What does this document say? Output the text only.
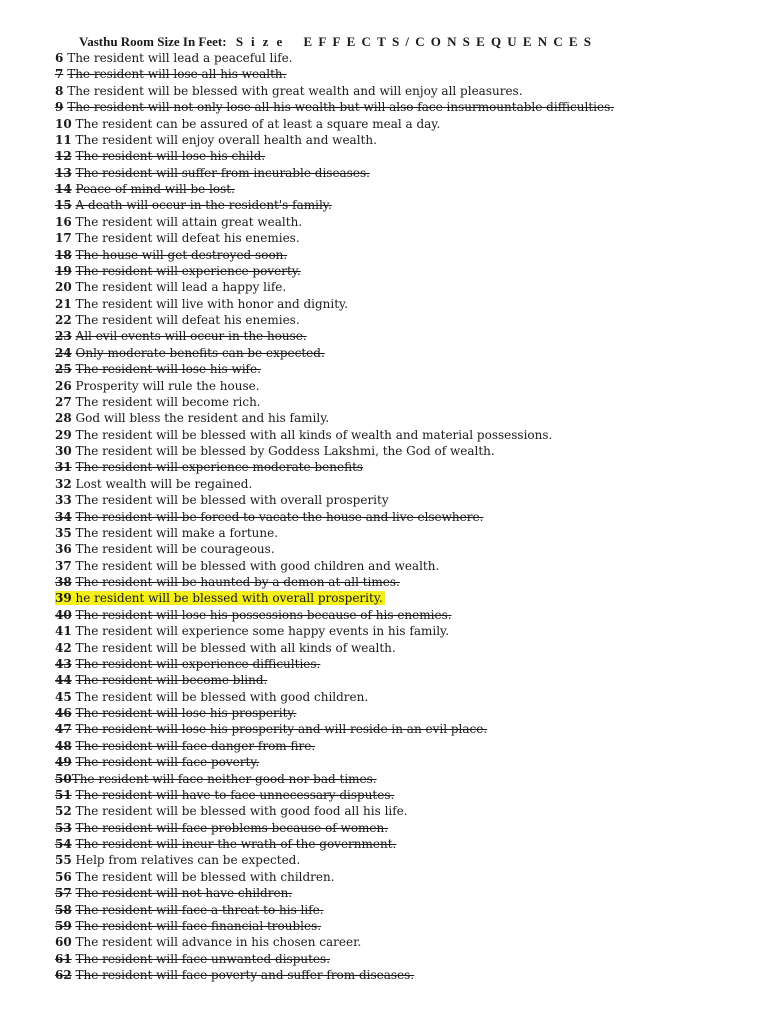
Vasthu Room Size In Feet: Size EFFECTS/CONSEQUENCES
6 The resident will lead a peaceful life.
7 The resident will lose all his wealth.
8 The resident will be blessed with great wealth and will enjoy all pleasures.
9 The resident will not only lose all his wealth but will also face insurmountable difficulties.
10 The resident can be assured of at least a square meal a day.
11 The resident will enjoy overall health and wealth.
12 The resident will lose his child.
13 The resident will suffer from incurable diseases.
14 Peace of mind will be lost.
15 A death will occur in the resident's family.
16 The resident will attain great wealth.
17 The resident will defeat his enemies.
18 The house will get destroyed soon.
19 The resident will experience poverty.
20 The resident will lead a happy life.
21 The resident will live with honor and dignity.
22 The resident will defeat his enemies.
23 All evil events will occur in the house.
24 Only moderate benefits can be expected.
25 The resident will lose his wife.
26 Prosperity will rule the house.
27 The resident will become rich.
28 God will bless the resident and his family.
29 The resident will be blessed with all kinds of wealth and material possessions.
30 The resident will be blessed by Goddess Lakshmi, the God of wealth.
31 The resident will experience moderate benefits
32 Lost wealth will be regained.
33 The resident will be blessed with overall prosperity
34 The resident will be forced to vacate the house and live elsewhere.
35 The resident will make a fortune.
36 The resident will be courageous.
37 The resident will be blessed with good children and wealth.
38 The resident will be haunted by a demon at all times.
39 he resident will be blessed with overall prosperity.
40 The resident will lose his possessions because of his enemies.
41 The resident will experience some happy events in his family.
42 The resident will be blessed with all kinds of wealth.
43 The resident will experience difficulties.
44 The resident will become blind.
45 The resident will be blessed with good children.
46 The resident will lose his prosperity.
47 The resident will lose his prosperity and will reside in an evil place.
48 The resident will face danger from fire.
49 The resident will face poverty.
50The resident will face neither good nor bad times.
51 The resident will have to face unnecessary disputes.
52 The resident will be blessed with good food all his life.
53 The resident will face problems because of women.
54 The resident will incur the wrath of the government.
55 Help from relatives can be expected.
56 The resident will be blessed with children.
57 The resident will not have children.
58 The resident will face a threat to his life.
59 The resident will face financial troubles.
60 The resident will advance in his chosen career.
61 The resident will face unwanted disputes.
62 The resident will face poverty and suffer from diseases.
